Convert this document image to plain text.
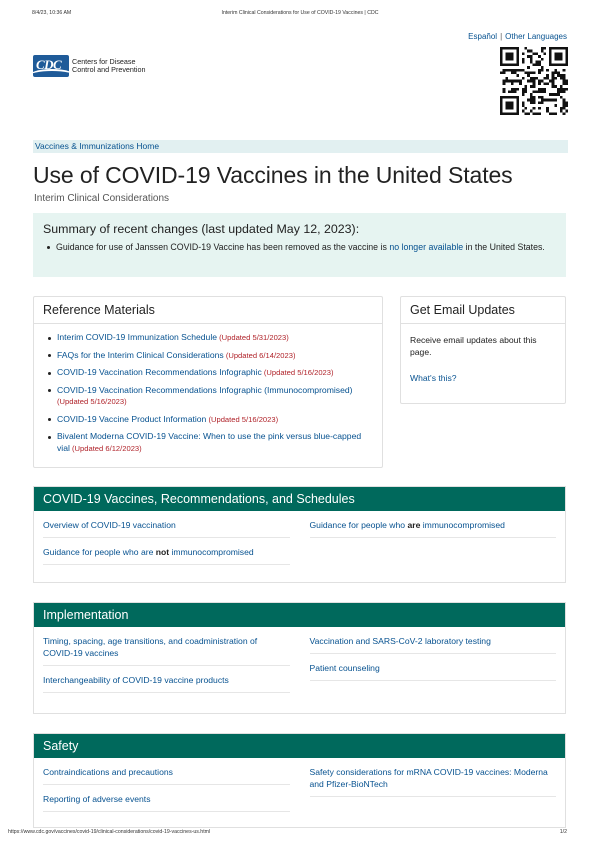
8/4/23, 10:36 AM	Interim Clinical Considerations for Use of COVID-19 Vaccines | CDC
Español | Other Languages
CDC Centers for Disease
Control and Prevention
Vaccines & Immunizations Home
Use of COVID-19 Vaccines in the United States
Interim Clinical Considerations
Summary of recent changes (last updated May 12, 2023):
Guidance for use of Janssen COVID-19 Vaccine has been removed as the vaccine is no longer available in the United States.
Reference Materials
Interim COVID-19 Immunization Schedule (Updated 5/31/2023)
FAQs for the Interim Clinical Considerations (Updated 6/14/2023)
COVID-19 Vaccination Recommendations Infographic (Updated 5/16/2023)
COVID-19 Vaccination Recommendations Infographic (Immunocompromised) (Updated 5/16/2023)
COVID-19 Vaccine Product Information (Updated 5/16/2023)
Bivalent Moderna COVID-19 Vaccine: When to use the pink versus blue-capped vial (Updated 6/12/2023)
Get Email Updates

Receive email updates about this page.

What's this?
COVID-19 Vaccines, Recommendations, and Schedules
Overview of COVID-19 vaccination
Guidance for people who are not immunocompromised
Guidance for people who are immunocompromised
Implementation
Timing, spacing, age transitions, and coadministration of COVID-19 vaccines
Interchangeability of COVID-19 vaccine products
Vaccination and SARS-CoV-2 laboratory testing
Patient counseling
Safety
Contraindications and precautions
Reporting of adverse events
Safety considerations for mRNA COVID-19 vaccines: Moderna and Pfizer-BioNTech
https://www.cdc.gov/vaccines/covid-19/clinical-considerations/covid-19-vaccines-us.html	1/2
